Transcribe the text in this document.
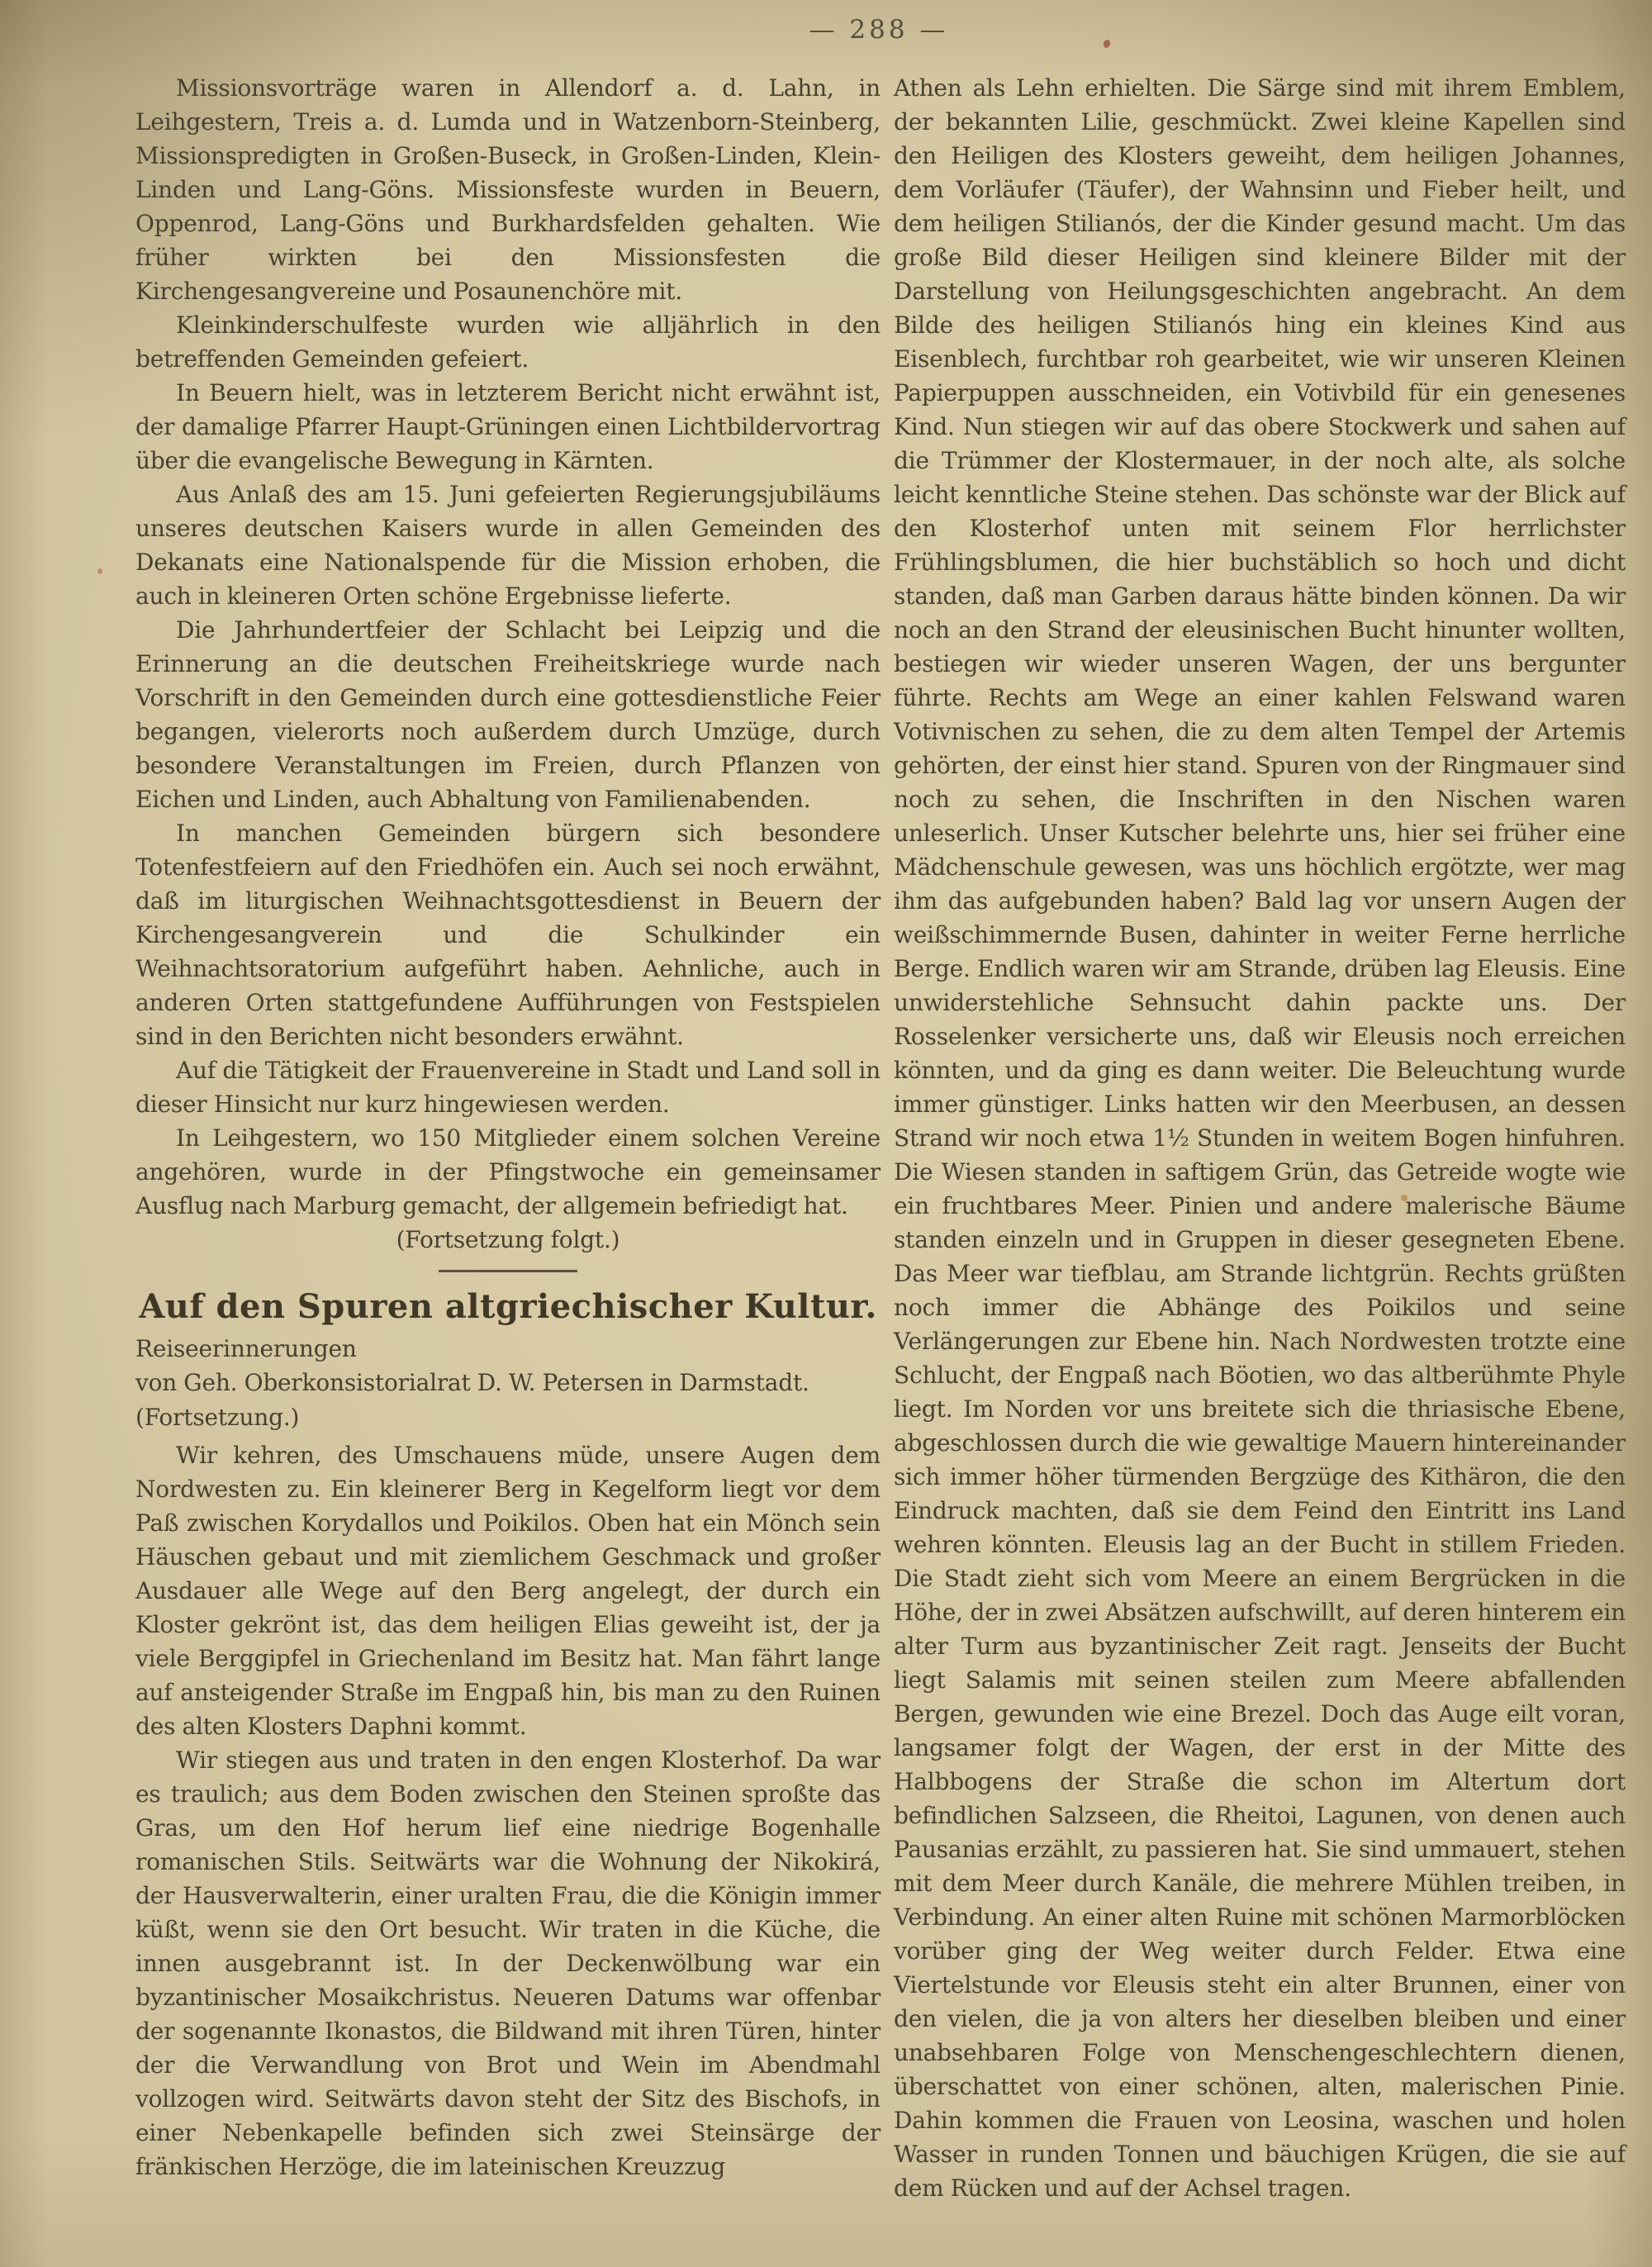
— 288 —

Missionsvorträge waren in Allendorf a. d. Lahn, in Leihgestern, Treis a. d. Lumda und in Watzenborn-Steinberg, Missionspredigten in Großen-Buseck, in Großen-Linden, Klein-Linden und Lang-Göns. Missionsfeste wurden in Beuern, Oppenrod, Lang-Göns und Burkhardsfelden gehalten. Wie früher wirkten bei den Missionsfesten die Kirchengesangvereine und Posaunenchöre mit.

Kleinkinderschulfeste wurden wie alljährlich in den betreffenden Gemeinden gefeiert.

In Beuern hielt, was in letzterem Bericht nicht erwähnt ist, der damalige Pfarrer Haupt-Grüningen einen Lichtbildervortrag über die evangelische Bewegung in Kärnten.

Aus Anlaß des am 15. Juni gefeierten Regierungsjubiläums unseres deutschen Kaisers wurde in allen Gemeinden des Dekanats eine Nationalspende für die Mission erhoben, die auch in kleineren Orten schöne Ergebnisse lieferte.

Die Jahrhundertfeier der Schlacht bei Leipzig und die Erinnerung an die deutschen Freiheitskriege wurde nach Vorschrift in den Gemeinden durch eine gottesdienstliche Feier begangen, vielerorts noch außerdem durch Umzüge, durch besondere Veranstaltungen im Freien, durch Pflanzen von Eichen und Linden, auch Abhaltung von Familienabenden.

In manchen Gemeinden bürgern sich besondere Totenfestfeiern auf den Friedhöfen ein. Auch sei noch erwähnt, daß im liturgischen Weihnachtsgottesdienst in Beuern der Kirchengesangverein und die Schulkinder ein Weihnachtsoratorium aufgeführt haben. Aehnliche, auch in anderen Orten stattgefundene Aufführungen von Festspielen sind in den Berichten nicht besonders erwähnt.

Auf die Tätigkeit der Frauenvereine in Stadt und Land soll in dieser Hinsicht nur kurz hingewiesen werden.

In Leihgestern, wo 150 Mitglieder einem solchen Vereine angehören, wurde in der Pfingstwoche ein gemeinsamer Ausflug nach Marburg gemacht, der allgemein befriedigt hat.

(Fortsetzung folgt.)

Auf den Spuren altgriechischer Kultur.

Reiseerinnerungen

von Geh. Oberkonsistorialrat D. W. Petersen in Darmstadt.

(Fortsetzung.)

Wir kehren, des Umschauens müde, unsere Augen dem Nordwesten zu. Ein kleinerer Berg in Kegelform liegt vor dem Paß zwischen Korydallos und Poikilos. Oben hat ein Mönch sein Häuschen gebaut und mit ziemlichem Geschmack und großer Ausdauer alle Wege auf den Berg angelegt, der durch ein Kloster gekrönt ist, das dem heiligen Elias geweiht ist, der ja viele Berggipfel in Griechenland im Besitz hat. Man fährt lange auf ansteigender Straße im Engpaß hin, bis man zu den Ruinen des alten Klosters Daphni kommt.

Wir stiegen aus und traten in den engen Klosterhof. Da war es traulich; aus dem Boden zwischen den Steinen sproßte das Gras, um den Hof herum lief eine niedrige Bogenhalle romanischen Stils. Seitwärts war die Wohnung der Nikokirá, der Hausverwalterin, einer uralten Frau, die die Königin immer küßt, wenn sie den Ort besucht. Wir traten in die Küche, die innen ausgebrannt ist. In der Deckenwölbung war ein byzantinischer Mosaikchristus. Neueren Datums war offenbar der sogenannte Ikonastos, die Bildwand mit ihren Türen, hinter der die Verwandlung von Brot und Wein im Abendmahl vollzogen wird. Seitwärts davon steht der Sitz des Bischofs, in einer Nebenkapelle befinden sich zwei Steinsärge der fränkischen Herzöge, die im lateinischen Kreuzzug

Athen als Lehn erhielten. Die Särge sind mit ihrem Emblem, der bekannten Lilie, geschmückt. Zwei kleine Kapellen sind den Heiligen des Klosters geweiht, dem heiligen Johannes, dem Vorläufer (Täufer), der Wahnsinn und Fieber heilt, und dem heiligen Stilianós, der die Kinder gesund macht. Um das große Bild dieser Heiligen sind kleinere Bilder mit der Darstellung von Heilungsgeschichten angebracht. An dem Bilde des heiligen Stilianós hing ein kleines Kind aus Eisenblech, furchtbar roh gearbeitet, wie wir unseren Kleinen Papierpuppen ausschneiden, ein Votivbild für ein genesenes Kind. Nun stiegen wir auf das obere Stockwerk und sahen auf die Trümmer der Klostermauer, in der noch alte, als solche leicht kenntliche Steine stehen. Das schönste war der Blick auf den Klosterhof unten mit seinem Flor herrlichster Frühlingsblumen, die hier buchstäblich so hoch und dicht standen, daß man Garben daraus hätte binden können. Da wir noch an den Strand der eleusinischen Bucht hinunter wollten, bestiegen wir wieder unseren Wagen, der uns bergunter führte. Rechts am Wege an einer kahlen Felswand waren Votivnischen zu sehen, die zu dem alten Tempel der Artemis gehörten, der einst hier stand. Spuren von der Ringmauer sind noch zu sehen, die Inschriften in den Nischen waren unleserlich. Unser Kutscher belehrte uns, hier sei früher eine Mädchenschule gewesen, was uns höchlich ergötzte, wer mag ihm das aufgebunden haben? Bald lag vor unsern Augen der weißschimmernde Busen, dahinter in weiter Ferne herrliche Berge. Endlich waren wir am Strande, drüben lag Eleusis. Eine unwiderstehliche Sehnsucht dahin packte uns. Der Rosselenker versicherte uns, daß wir Eleusis noch erreichen könnten, und da ging es dann weiter. Die Beleuchtung wurde immer günstiger. Links hatten wir den Meerbusen, an dessen Strand wir noch etwa 1½ Stunden in weitem Bogen hinfuhren. Die Wiesen standen in saftigem Grün, das Getreide wogte wie ein fruchtbares Meer. Pinien und andere malerische Bäume standen einzeln und in Gruppen in dieser gesegneten Ebene. Das Meer war tiefblau, am Strande lichtgrün. Rechts grüßten noch immer die Abhänge des Poikilos und seine Verlängerungen zur Ebene hin. Nach Nordwesten trotzte eine Schlucht, der Engpaß nach Böotien, wo das altberühmte Phyle liegt. Im Norden vor uns breitete sich die thriasische Ebene, abgeschlossen durch die wie gewaltige Mauern hintereinander sich immer höher türmenden Bergzüge des Kithäron, die den Eindruck machten, daß sie dem Feind den Eintritt ins Land wehren könnten. Eleusis lag an der Bucht in stillem Frieden. Die Stadt zieht sich vom Meere an einem Bergrücken in die Höhe, der in zwei Absätzen aufschwillt, auf deren hinterem ein alter Turm aus byzantinischer Zeit ragt. Jenseits der Bucht liegt Salamis mit seinen steilen zum Meere abfallenden Bergen, gewunden wie eine Brezel. Doch das Auge eilt voran, langsamer folgt der Wagen, der erst in der Mitte des Halbbogens der Straße die schon im Altertum dort befindlichen Salzseen, die Rheitoi, Lagunen, von denen auch Pausanias erzählt, zu passieren hat. Sie sind ummauert, stehen mit dem Meer durch Kanäle, die mehrere Mühlen treiben, in Verbindung. An einer alten Ruine mit schönen Marmorblöcken vorüber ging der Weg weiter durch Felder. Etwa eine Viertelstunde vor Eleusis steht ein alter Brunnen, einer von den vielen, die ja von alters her dieselben bleiben und einer unabsehbaren Folge von Menschengeschlechtern dienen, überschattet von einer schönen, alten, malerischen Pinie. Dahin kommen die Frauen von Leosina, waschen und holen Wasser in runden Tonnen und bäuchigen Krügen, die sie auf dem Rücken und auf der Achsel tragen.
